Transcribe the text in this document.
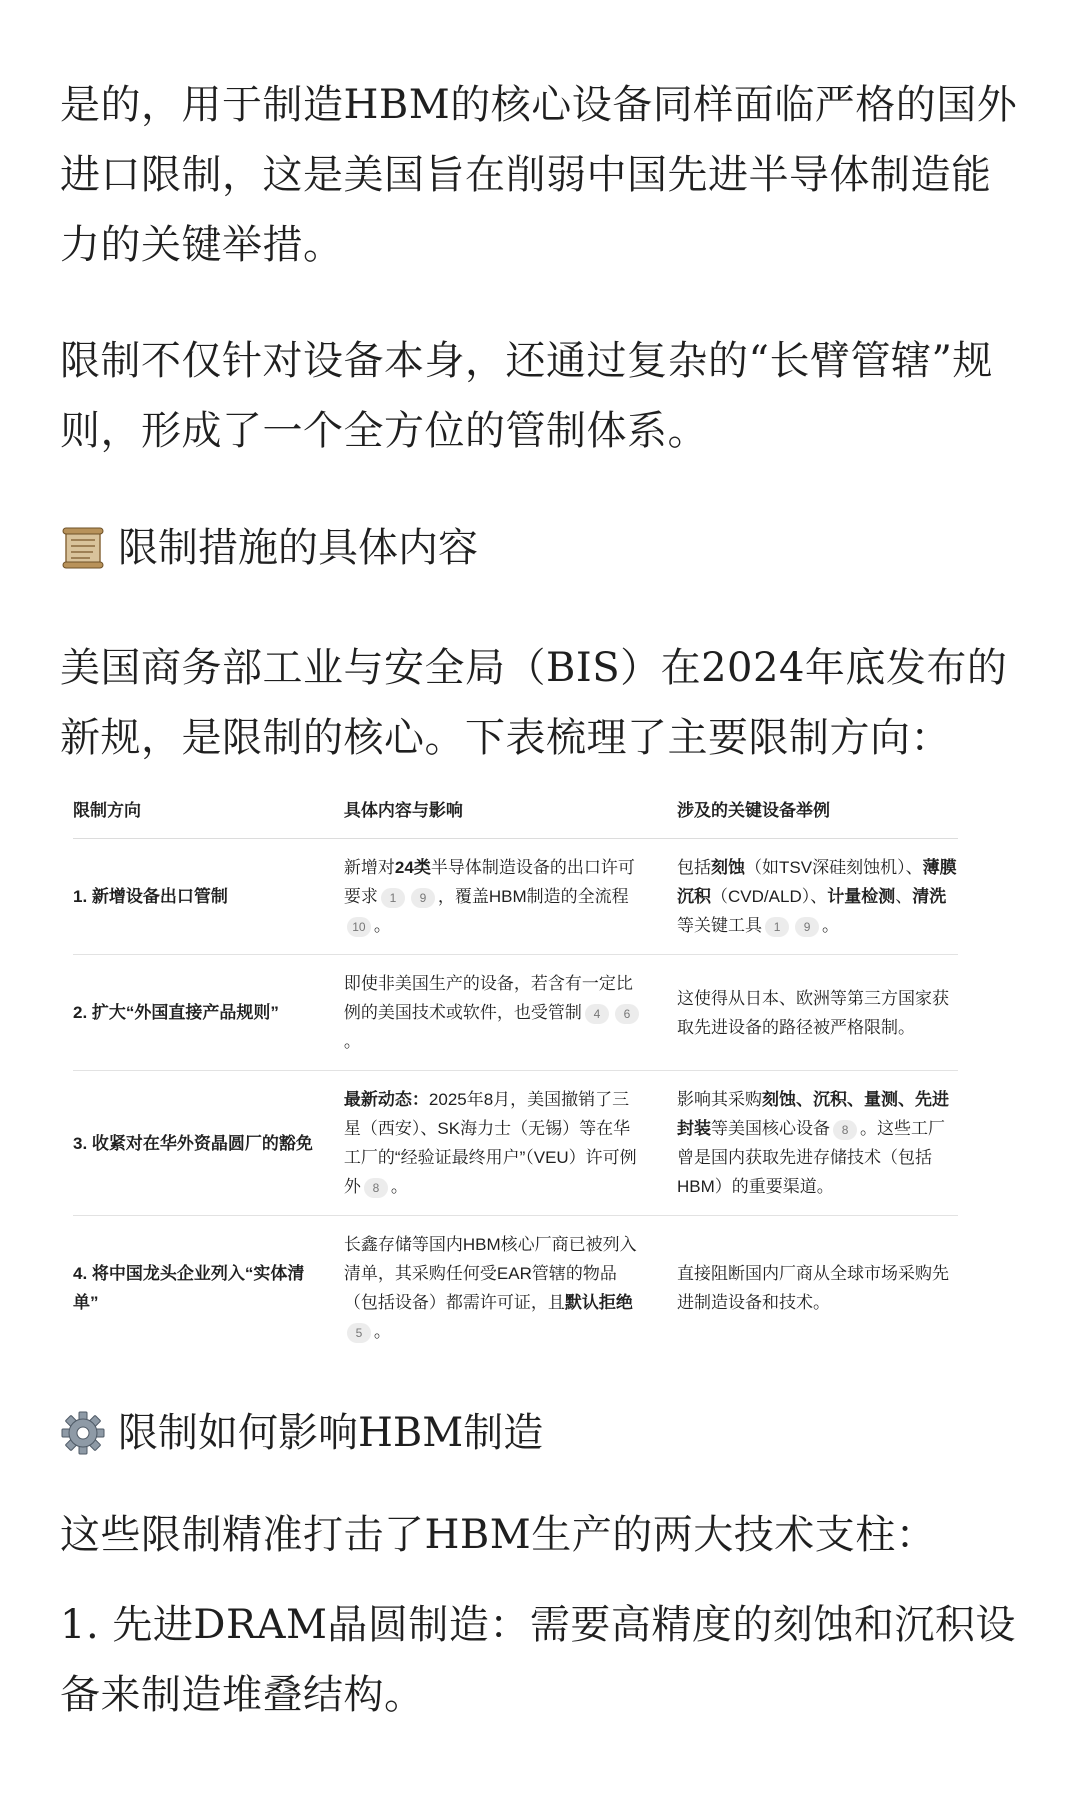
是的，用于制造HBM的核心设备同样面临严格的国外进口限制，这是美国旨在削弱中国先进半导体制造能力的关键举措。

限制不仅针对设备本身，还通过复杂的“长臂管辖”规则，形成了一个全方位的管制体系。

限制措施的具体内容

美国商务部工业与安全局（BIS）在2024年底发布的新规，是限制的核心。下表梳理了主要限制方向：

限制方向	具体内容与影响	涉及的关键设备举例
1. 新增设备出口管制	新增对24类半导体制造设备的出口许可要求 1 9 ，覆盖HBM制造的全流程10 。	包括刻蚀（如TSV深硅刻蚀机）、薄膜沉积（CVD/ALD）、计量检测、清洗等关键工具 1 9 。
2. 扩大“外国直接产品规则”	即使非美国生产的设备，若含有一定比例的美国技术或软件，也受管制 4 6。	这使得从日本、欧洲等第三方国家获取先进设备的路径被严格限制。
3. 收紧对在华外资晶圆厂的豁免	最新动态：2025年8月，美国撤销了三星（西安）、SK海力士（无锡）等在华工厂的“经验证最终用户”（VEU）许可例外 8 。	影响其采购刻蚀、沉积、量测、先进封装等美国核心设备 8 。这些工厂曾是国内获取先进存储技术（包括HBM）的重要渠道。
4. 将中国龙头企业列入“实体清单”	长鑫存储等国内HBM核心厂商已被列入清单，其采购任何受EAR管辖的物品（包括设备）都需许可证，且默认拒绝5 。	直接阻断国内厂商从全球市场采购先进制造设备和技术。
限制如何影响HBM制造

这些限制精准打击了HBM生产的两大技术支柱：

1. 先进DRAM晶圆制造：需要高精度的刻蚀和沉积设备来制造堆叠结构。
